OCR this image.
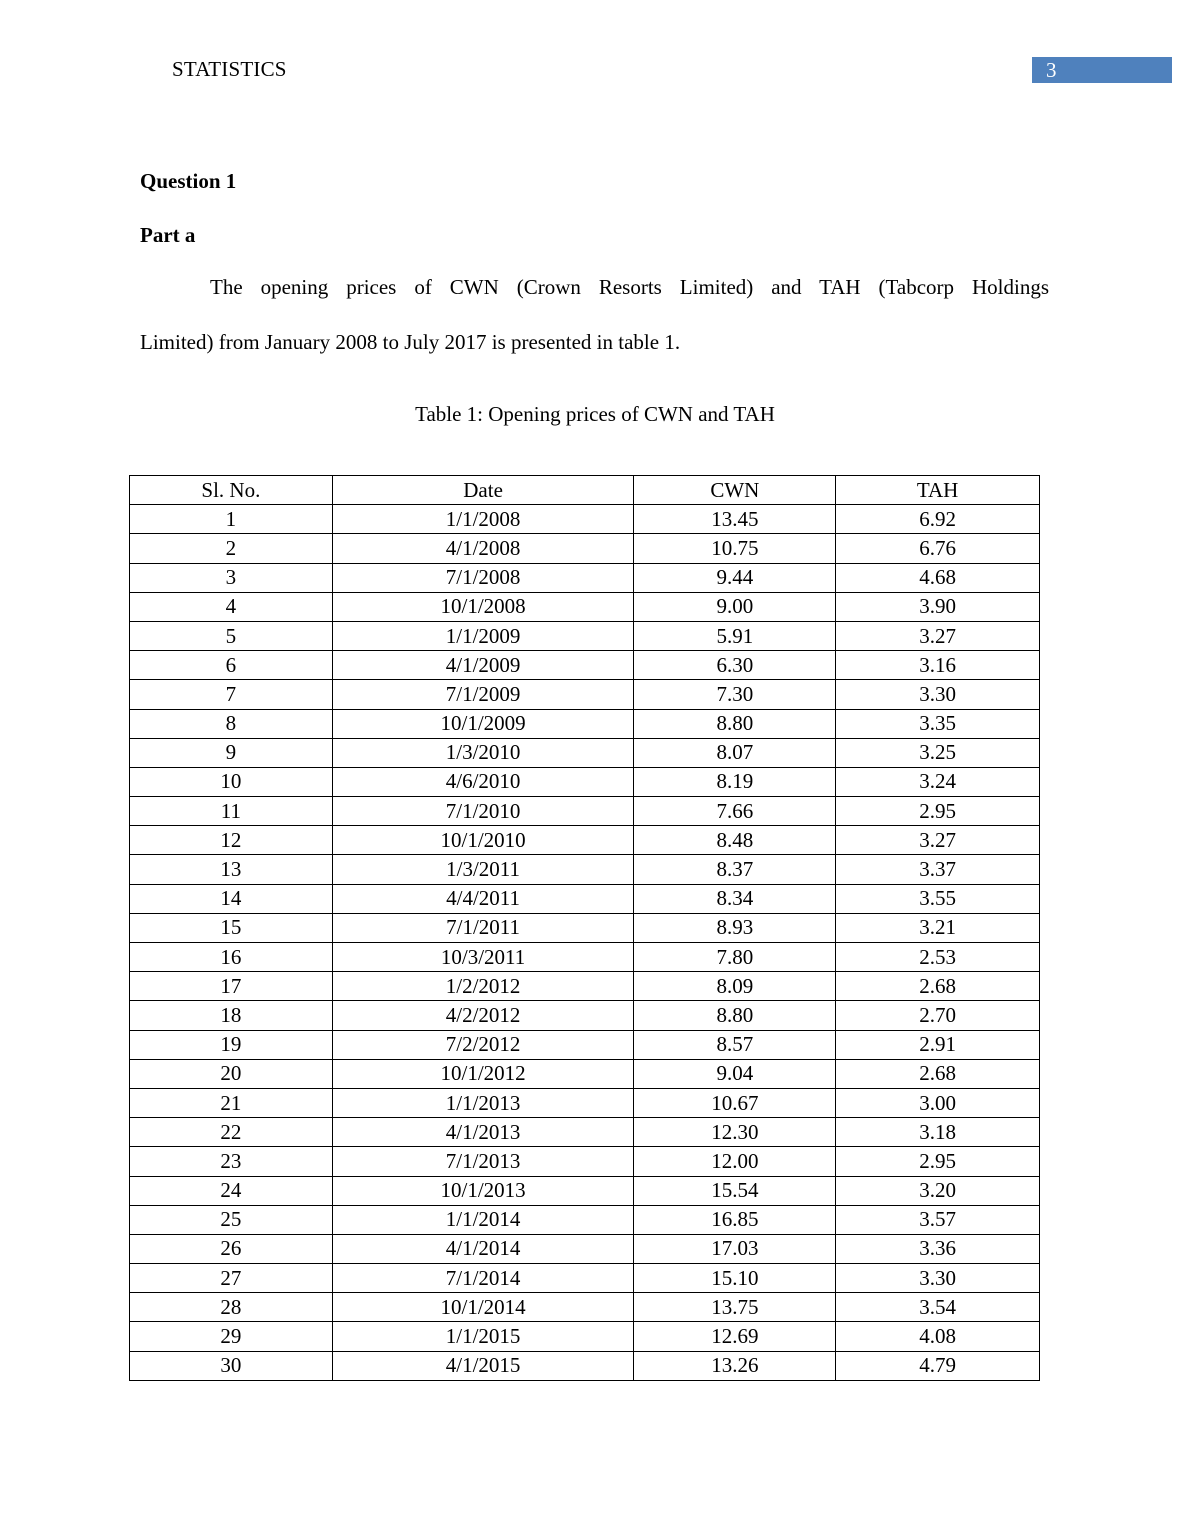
STATISTICS	3
Question 1
Part a
The opening prices of CWN (Crown Resorts Limited) and TAH (Tabcorp Holdings
Limited) from January 2008 to July 2017 is presented in table 1.
Table 1: Opening prices of CWN and TAH
Sl. No.	Date	CWN	TAH
1	1/1/2008	13.45	6.92
2	4/1/2008	10.75	6.76
3	7/1/2008	9.44	4.68
4	10/1/2008	9.00	3.90
5	1/1/2009	5.91	3.27
6	4/1/2009	6.30	3.16
7	7/1/2009	7.30	3.30
8	10/1/2009	8.80	3.35
9	1/3/2010	8.07	3.25
10	4/6/2010	8.19	3.24
11	7/1/2010	7.66	2.95
12	10/1/2010	8.48	3.27
13	1/3/2011	8.37	3.37
14	4/4/2011	8.34	3.55
15	7/1/2011	8.93	3.21
16	10/3/2011	7.80	2.53
17	1/2/2012	8.09	2.68
18	4/2/2012	8.80	2.70
19	7/2/2012	8.57	2.91
20	10/1/2012	9.04	2.68
21	1/1/2013	10.67	3.00
22	4/1/2013	12.30	3.18
23	7/1/2013	12.00	2.95
24	10/1/2013	15.54	3.20
25	1/1/2014	16.85	3.57
26	4/1/2014	17.03	3.36
27	7/1/2014	15.10	3.30
28	10/1/2014	13.75	3.54
29	1/1/2015	12.69	4.08
30	4/1/2015	13.26	4.79
